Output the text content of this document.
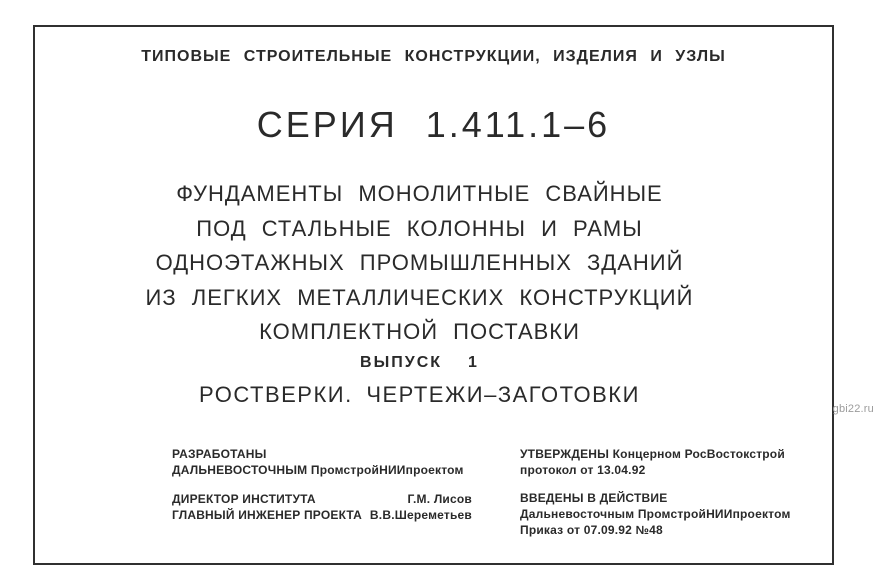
ТИПОВЫЕ СТРОИТЕЛЬНЫЕ КОНСТРУКЦИИ, ИЗДЕЛИЯ И УЗЛЫ
СЕРИЯ 1.411.1–6
ФУНДАМЕНТЫ МОНОЛИТНЫЕ СВАЙНЫЕ
ПОД СТАЛЬНЫЕ КОЛОННЫ И РАМЫ
ОДНОЭТАЖНЫХ ПРОМЫШЛЕННЫХ ЗДАНИЙ
ИЗ ЛЕГКИХ МЕТАЛЛИЧЕСКИХ КОНСТРУКЦИЙ
КОМПЛЕКТНОЙ ПОСТАВКИ
ВЫПУСК 1
РОСТВЕРКИ. ЧЕРТЕЖИ–ЗАГОТОВКИ
РАЗРАБОТАНЫ
ДАЛЬНЕВОСТОЧНЫМ ПромстройНИИпроектом
ДИРЕКТОР ИНСТИТУТА	Г.М. Лисов
ГЛАВНЫЙ ИНЖЕНЕР ПРОЕКТА В.В.Шереметьев
УТВЕРЖДЕНЫ Концерном РосВостокстрой
протокол от 13.04.92
ВВЕДЕНЫ В ДЕЙСТВИЕ
Дальневосточным ПромстройНИИпроектом
Приказ от 07.09.92 №48
gbi22.ru
